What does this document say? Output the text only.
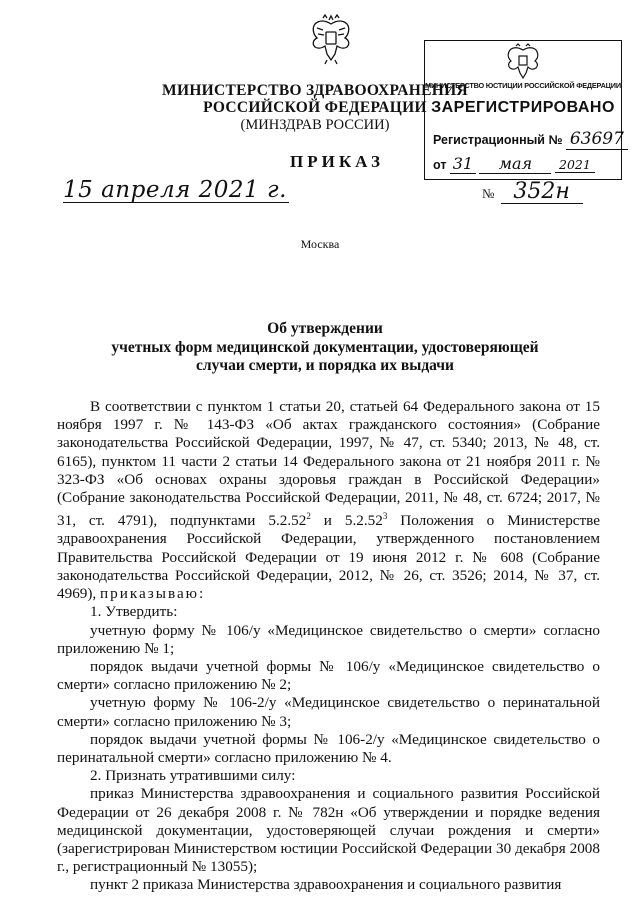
МИНИСТЕРСТВО ЗДРАВООХРАНЕНИЯ
РОССИЙСКОЙ ФЕДЕРАЦИИ
(МИНЗДРАВ РОССИИ)
МИНИСТЕРСТВО ЮСТИЦИИ РОССИЙСКОЙ ФЕДЕРАЦИИ
ЗАРЕГИСТРИРОВАНО
Регистрационный № 63697
от 31 мая 2021
ПРИКАЗ
15 апреля 2021 г.	№ 352н
Москва
Об утверждении
учетных форм медицинской документации, удостоверяющей
случаи смерти, и порядка их выдачи

В соответствии с пунктом 1 статьи 20, статьей 64 Федерального закона от 15 ноября 1997 г. № 143-ФЗ «Об актах гражданского состояния» (Собрание законодательства Российской Федерации, 1997, № 47, ст. 5340; 2013, № 48, ст. 6165), пунктом 11 части 2 статьи 14 Федерального закона от 21 ноября 2011 г. № 323-ФЗ «Об основах охраны здоровья граждан в Российской Федерации» (Собрание законодательства Российской Федерации, 2011, № 48, ст. 6724; 2017, № 31, ст. 4791), подпунктами 5.2.52$^2$ и 5.2.52$^3$ Положения о Министерстве здравоохранения Российской Федерации, утвержденного постановлением Правительства Российской Федерации от 19 июня 2012 г. № 608 (Собрание законодательства Российской Федерации, 2012, № 26, ст. 3526; 2014, № 37, ст. 4969), приказываю:

1. Утвердить:

учетную форму № 106/у «Медицинское свидетельство о смерти» согласно приложению № 1;

порядок выдачи учетной формы № 106/у «Медицинское свидетельство о смерти» согласно приложению № 2;

учетную форму № 106-2/у «Медицинское свидетельство о перинатальной смерти» согласно приложению № 3;

порядок выдачи учетной формы № 106-2/у «Медицинское свидетельство о перинатальной смерти» согласно приложению № 4.

2. Признать утратившими силу:

приказ Министерства здравоохранения и социального развития Российской Федерации от 26 декабря 2008 г. № 782н «Об утверждении и порядке ведения медицинской документации, удостоверяющей случаи рождения и смерти» (зарегистрирован Министерством юстиции Российской Федерации 30 декабря 2008 г., регистрационный № 13055);

пункт 2 приказа Министерства здравоохранения и социального развития
